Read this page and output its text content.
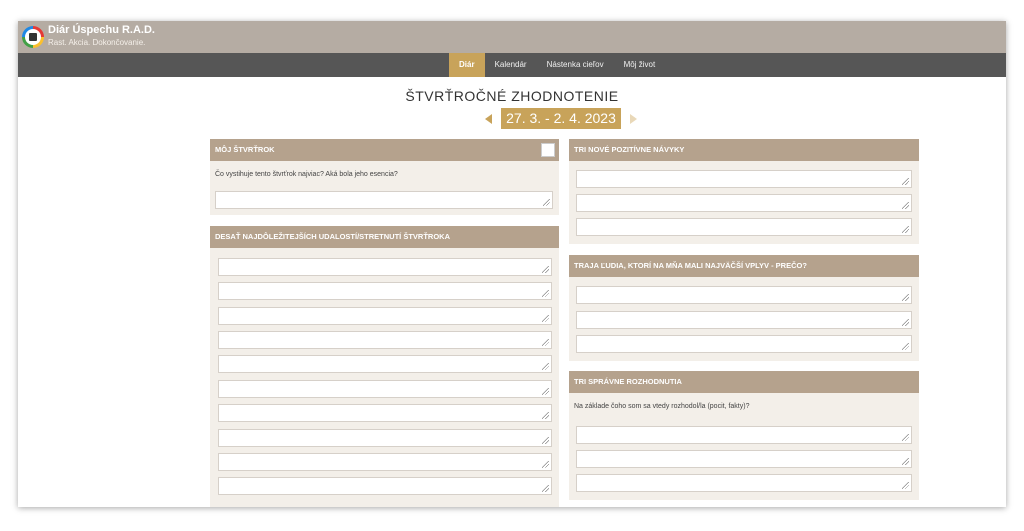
Diár Úspechu R.A.D.
Rast. Akcia. Dokončovanie.
Diár	Kalendár	Nástenka cieľov	Môj život
ŠTVRŤROČNÉ ZHODNOTENIE
27. 3. - 2. 4. 2023
MÔJ ŠTVRŤROK
Čo vystihuje tento štvrťrok najviac? Aká bola jeho esencia?
DESAŤ NAJDÔLEŽITEJŠÍCH UDALOSTÍ/STRETNUTÍ ŠTVRŤROKA
TRI NOVÉ POZITÍVNE NÁVYKY
TRAJA ĽUDIA, KTORÍ NA MŇA MALI NAJVÄČŠÍ VPLYV - PREČO?
TRI SPRÁVNE ROZHODNUTIA
Na základe čoho som sa vtedy rozhodol/la (pocit, fakty)?
